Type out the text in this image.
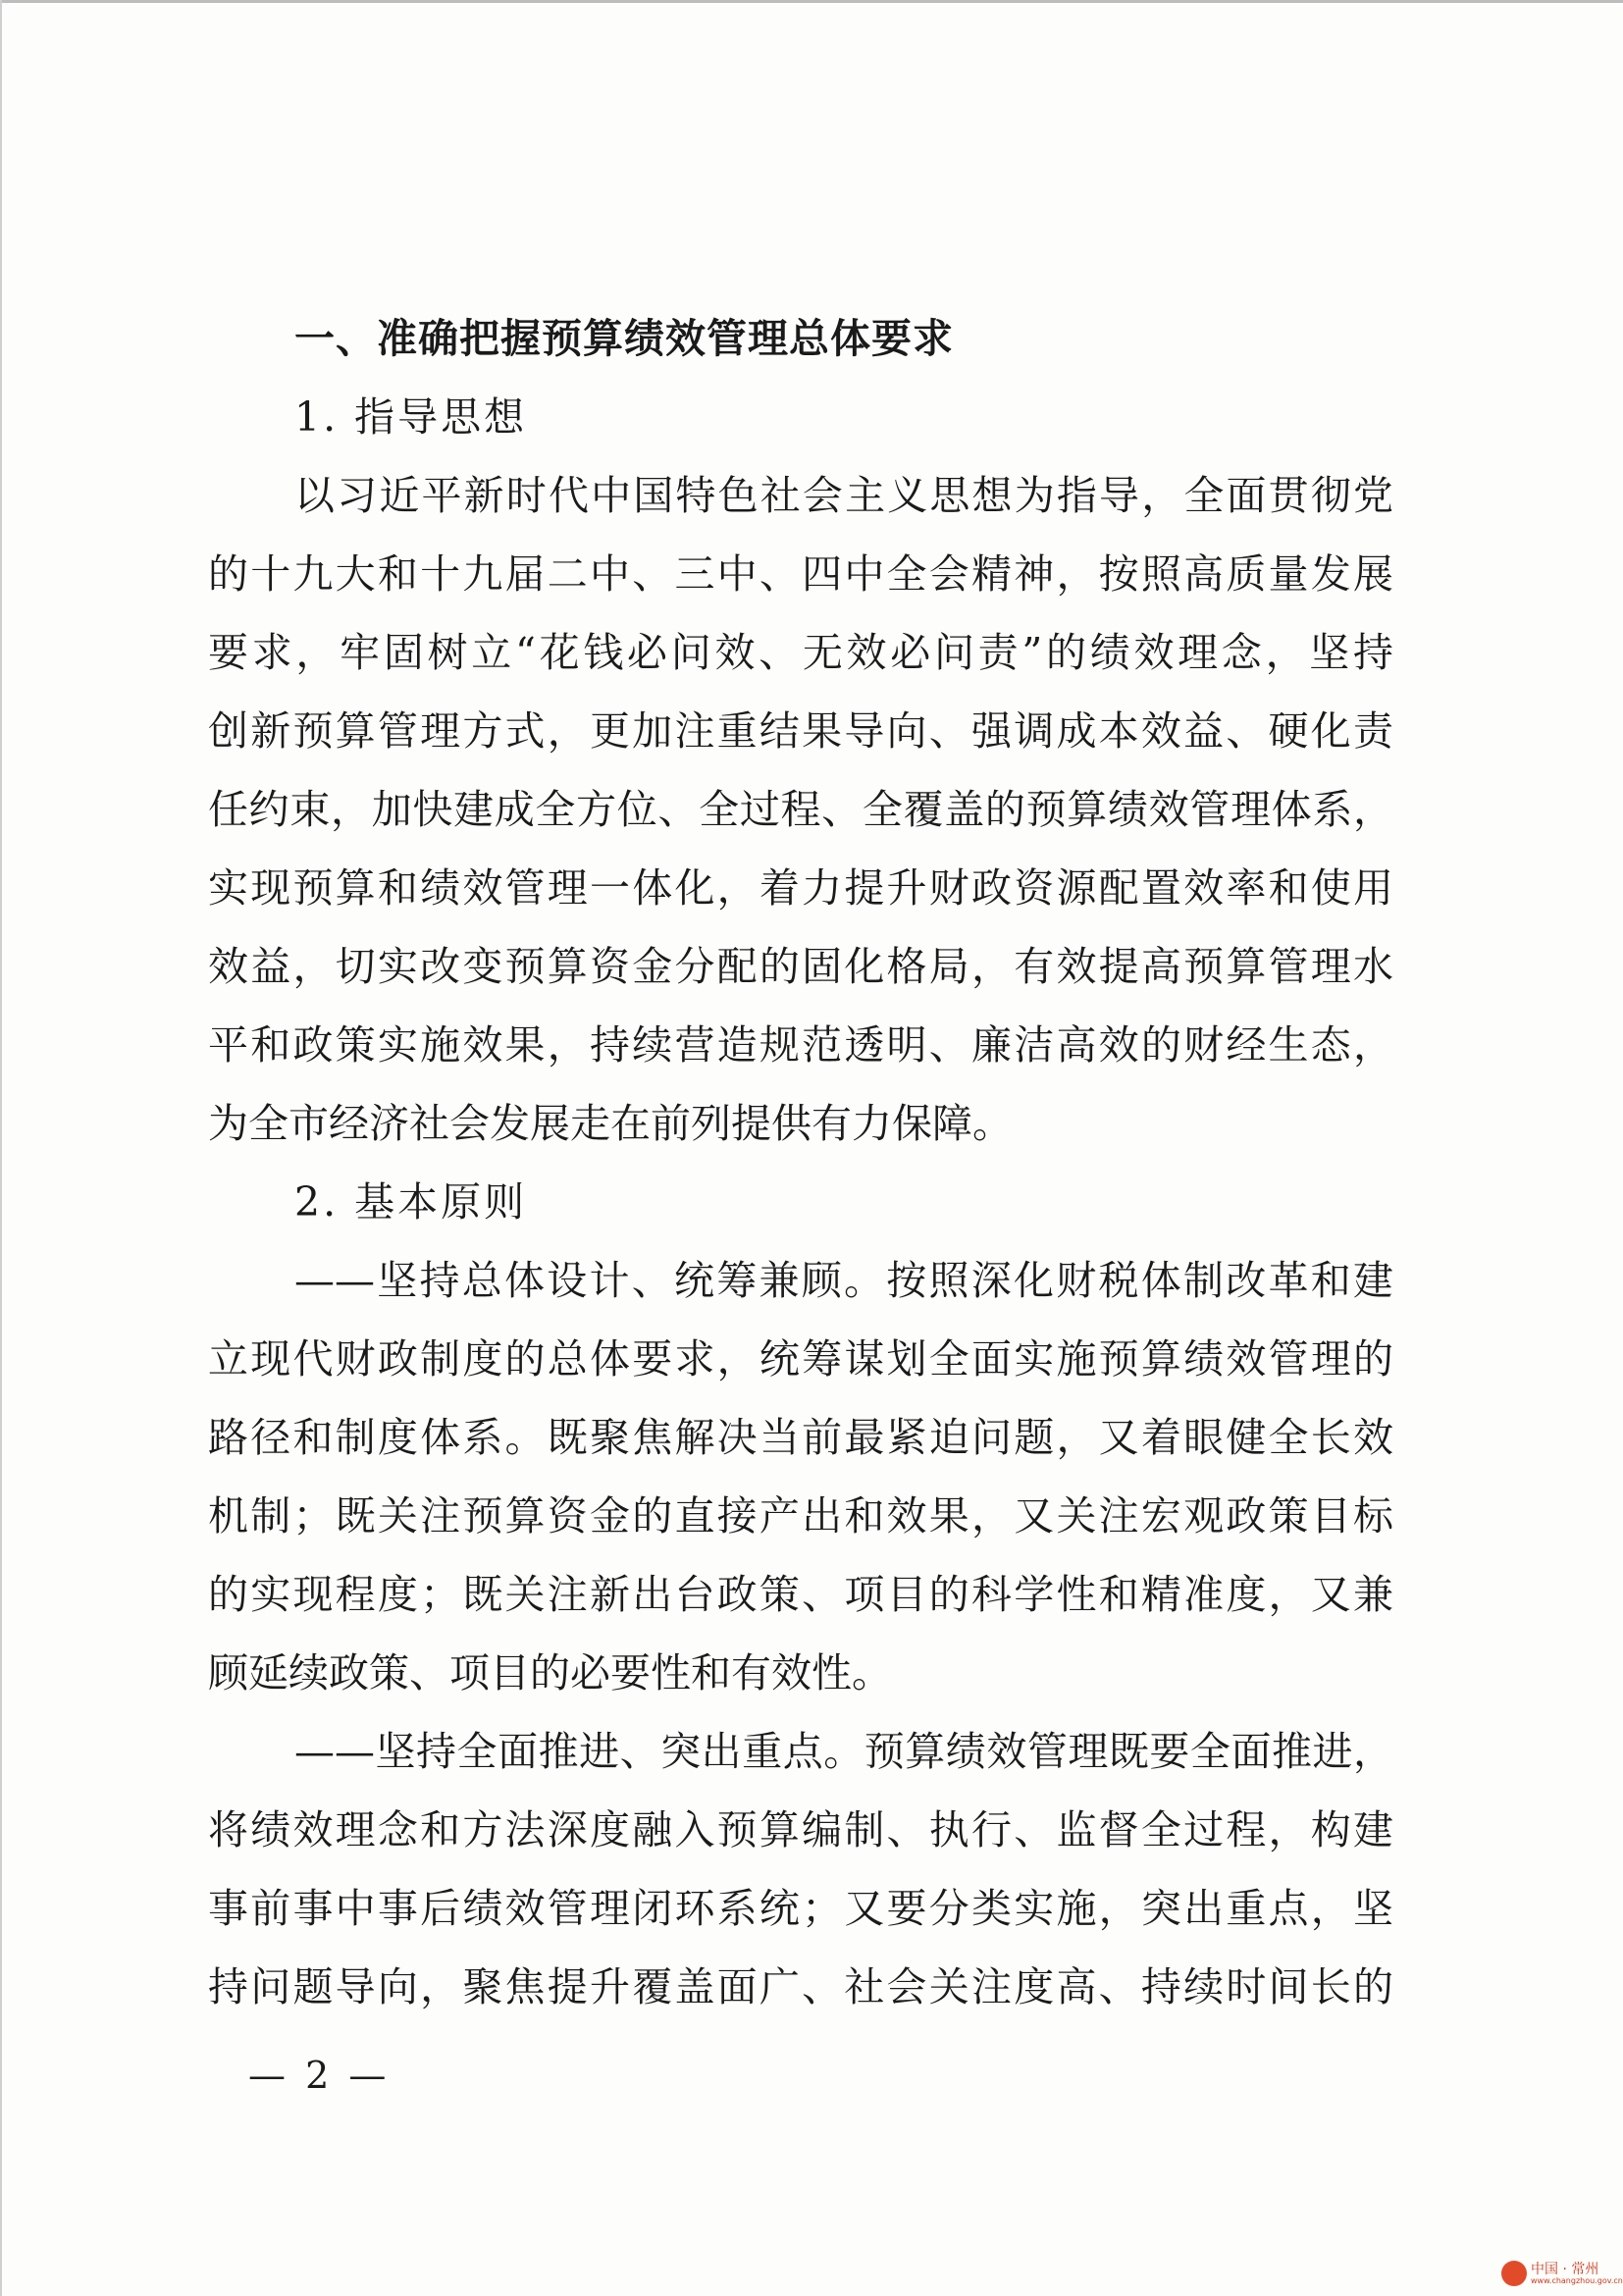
一、准确把握预算绩效管理总体要求
1. 指导思想
以习近平新时代中国特色社会主义思想为指导，全面贯彻党
的十九大和十九届二中、三中、四中全会精神，按照高质量发展
要求，牢固树立“花钱必问效、无效必问责”的绩效理念，坚持
创新预算管理方式，更加注重结果导向、强调成本效益、硬化责
任约束，加快建成全方位、全过程、全覆盖的预算绩效管理体系，
实现预算和绩效管理一体化，着力提升财政资源配置效率和使用
效益，切实改变预算资金分配的固化格局，有效提高预算管理水
平和政策实施效果，持续营造规范透明、廉洁高效的财经生态，
为全市经济社会发展走在前列提供有力保障。
2. 基本原则
——坚持总体设计、统筹兼顾。按照深化财税体制改革和建
立现代财政制度的总体要求，统筹谋划全面实施预算绩效管理的
路径和制度体系。既聚焦解决当前最紧迫问题，又着眼健全长效
机制；既关注预算资金的直接产出和效果，又关注宏观政策目标
的实现程度；既关注新出台政策、项目的科学性和精准度，又兼
顾延续政策、项目的必要性和有效性。
——坚持全面推进、突出重点。预算绩效管理既要全面推进，
将绩效理念和方法深度融入预算编制、执行、监督全过程，构建
事前事中事后绩效管理闭环系统；又要分类实施，突出重点，坚
持问题导向，聚焦提升覆盖面广、社会关注度高、持续时间长的
— 2 —
中国 · 常州
www.changzhou.gov.cn
